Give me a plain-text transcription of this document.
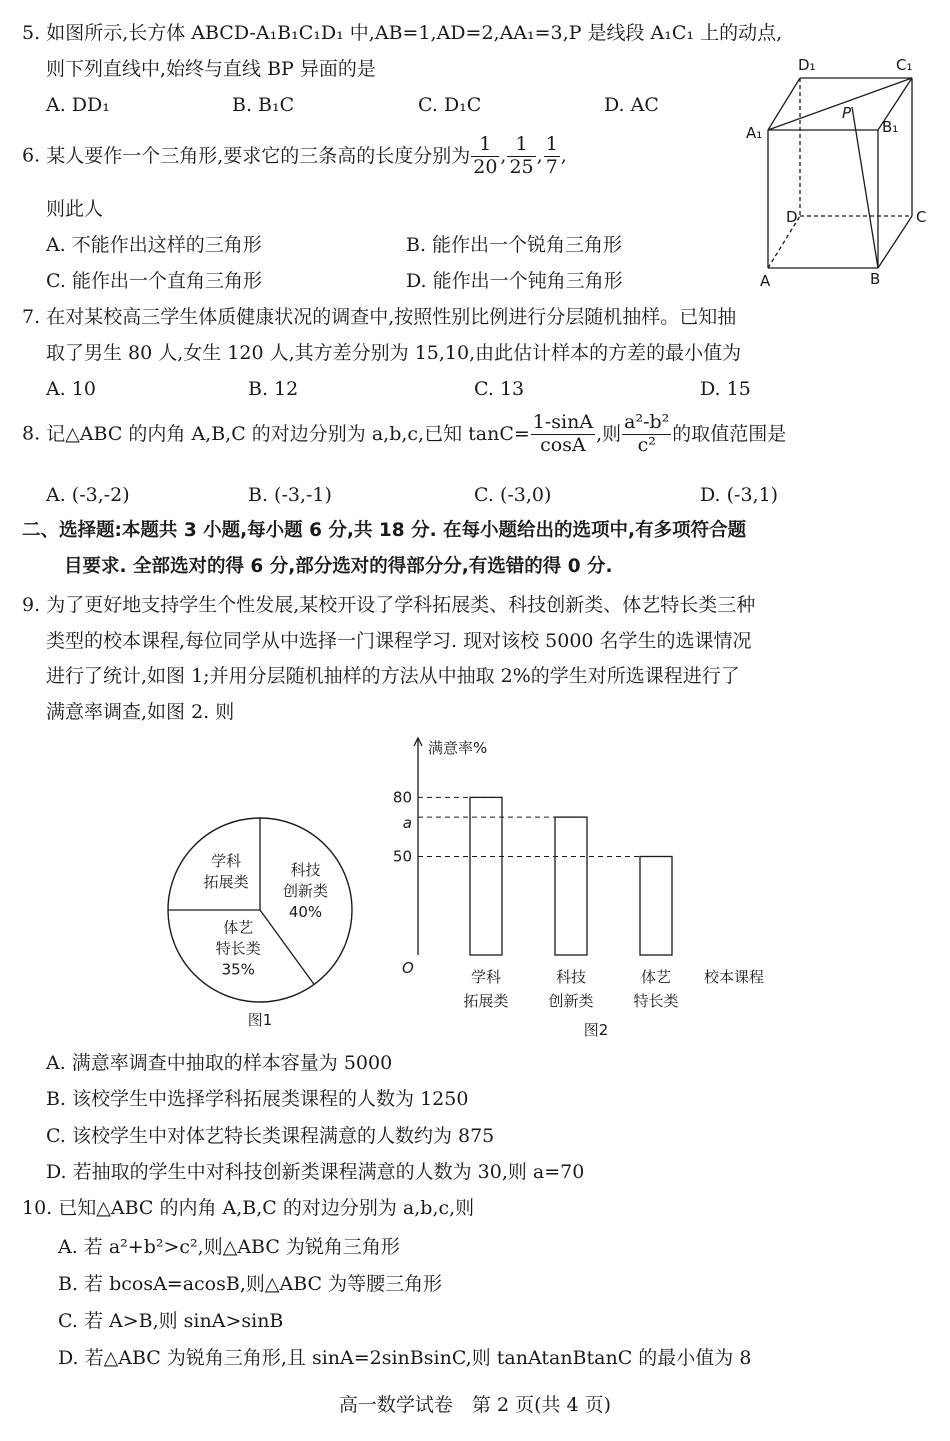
5. 如图所示,长方体 ABCD-A₁B₁C₁D₁ 中,AB=1,AD=2,AA₁=3,P 是线段 A₁C₁ 上的动点,
则下列直线中,始终与直线 BP 异面的是
A. DD₁	B. B₁C	C. D₁C	D. AC
D₁	C₁
A₁	B₁
P
D	C
A	B
6. 某人要作一个三角形,要求它的三条高的长度分别为 $\frac{1}{20}$ , $\frac{1}{25}$ , $\frac{1}{7}$ ,
则此人
A. 不能作出这样的三角形	B. 能作出一个锐角三角形
C. 能作出一个直角三角形	D. 能作出一个钝角三角形
7. 在对某校高三学生体质健康状况的调查中,按照性别比例进行分层随机抽样。已知抽
取了男生 80 人,女生 120 人,其方差分别为 15,10,由此估计样本的方差的最小值为
A. 10	B. 12	C. 13	D. 15
8. 记△ABC 的内角 A,B,C 的对边分别为 a,b,c,已知 $\tan C= \frac{1-\sin A}{\cos A}$ ,则 $\frac{\text{a²-b²}}{\text{c²}}$ 的取值范围是
A. (-3,-2)	B. (-3,-1)	C. (-3,0)	D. (-3,1)
二、选择题:本题共 3 小题,每小题 6 分,共 18 分. 在每小题给出的选项中,有多项符合题
目要求. 全部选对的得 6 分,部分选对的得部分分,有选错的得 0 分.
9. 为了更好地支持学生个性发展,某校开设了学科拓展类、科技创新类、体艺特长类三种
类型的校本课程,每位同学从中选择一门课程学习. 现对该校 5000 名学生的选课情况
进行了统计,如图 1;并用分层随机抽样的方法从中抽取 2%的学生对所选课程进行了
满意率调查,如图 2. 则
学科
拓展类
科技
创新类
40%
体艺
特长类
35%
图1
80
a
50
学科
拓展类
科技
创新类
体艺
特长类
满意率%
校本课程
O
图2
A. 满意率调查中抽取的样本容量为 5000
B. 该校学生中选择学科拓展类课程的人数为 1250
C. 该校学生中对体艺特长类课程满意的人数约为 875
D. 若抽取的学生中对科技创新类课程满意的人数为 30,则 a=70
10. 已知△ABC 的内角 A,B,C 的对边分别为 a,b,c,则
A. 若 a²+b²>c²,则△ABC 为锐角三角形
B. 若 bcosA=acosB,则△ABC 为等腰三角形
C. 若 A>B,则 sinA>sinB
D. 若△ABC 为锐角三角形,且 sinA=2sinBsinC,则 tanAtanBtanC 的最小值为 8
高一数学试卷　第 2 页(共 4 页)
